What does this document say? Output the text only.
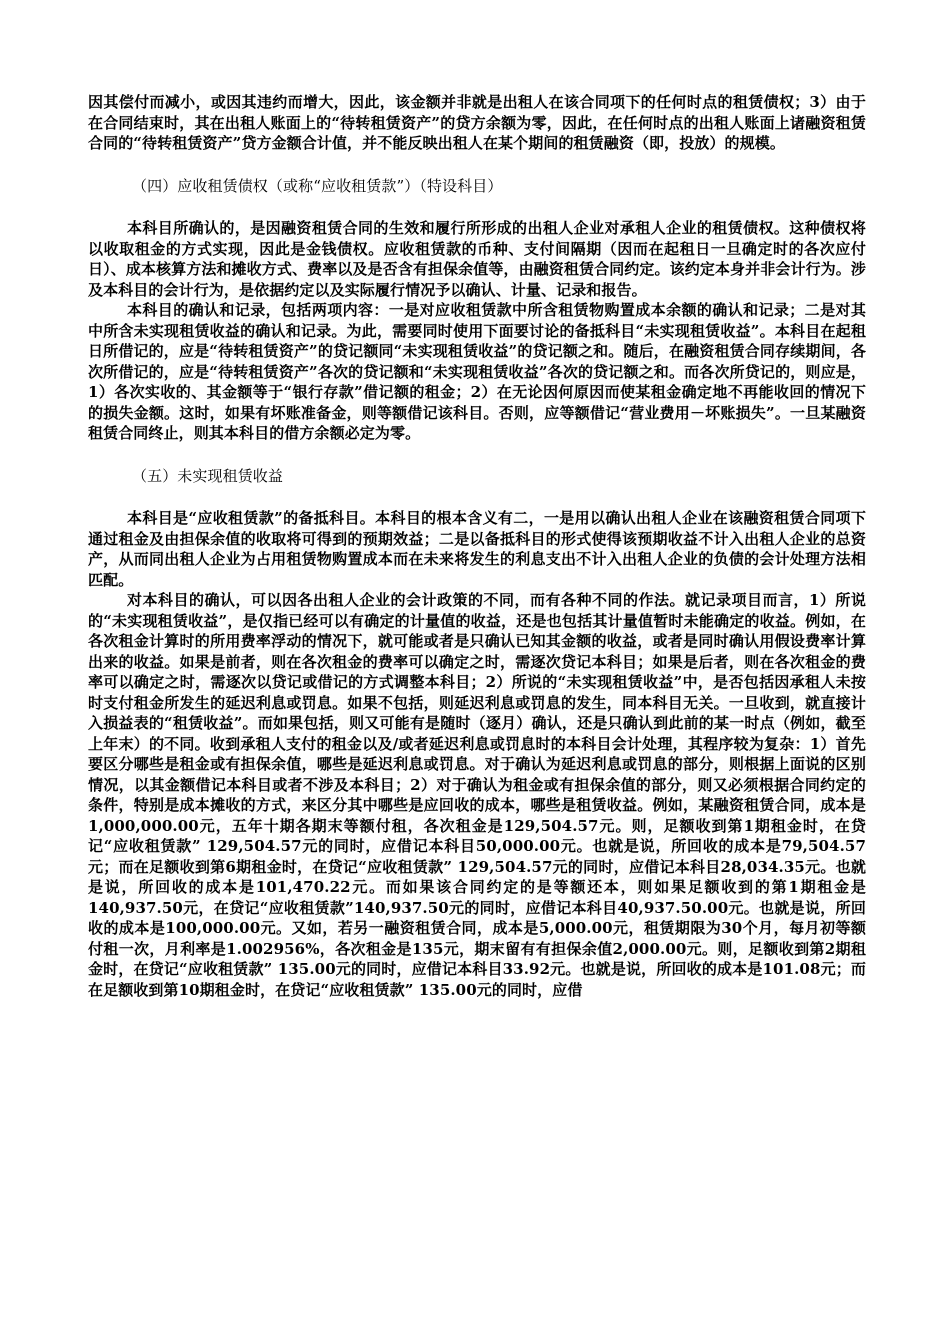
因其偿付而减小，或因其违约而增大，因此，该金额并非就是出租人在该合同项下的任何时点的租赁债权；3）由于在合同结束时，其在出租人账面上的“待转租赁资产”的贷方余额为零，因此，在任何时点的出租人账面上诸融资租赁合同的“待转租赁资产”贷方金额合计值，并不能反映出租人在某个期间的租赁融资（即，投放）的规模。

（四）应收租赁债权（或称“应收租赁款”）（特设科目）

本科目所确认的，是因融资租赁合同的生效和履行所形成的出租人企业对承租人企业的租赁债权。这种债权将以收取租金的方式实现，因此是金钱债权。应收租赁款的币种、支付间隔期（因而在起租日一旦确定时的各次应付日）、成本核算方法和摊收方式、费率以及是否含有担保余值等，由融资租赁合同约定。该约定本身并非会计行为。涉及本科目的会计行为，是依据约定以及实际履行情况予以确认、计量、记录和报告。

本科目的确认和记录，包括两项内容：一是对应收租赁款中所含租赁物购置成本余额的确认和记录；二是对其中所含未实现租赁收益的确认和记录。为此，需要同时使用下面要讨论的备抵科目“未实现租赁收益”。本科目在起租日所借记的，应是“待转租赁资产”的贷记额同“未实现租赁收益”的贷记额之和。随后，在融资租赁合同存续期间，各次所借记的，应是“待转租赁资产”各次的贷记额和“未实现租赁收益”各次的贷记额之和。而各次所贷记的，则应是，1）各次实收的、其金额等于“银行存款”借记额的租金；2）在无论因何原因而使某租金确定地不再能收回的情况下的损失金额。这时，如果有坏账准备金，则等额借记该科目。否则，应等额借记“营业费用－坏账损失”。一旦某融资租赁合同终止，则其本科目的借方余额必定为零。

（五）未实现租赁收益

本科目是“应收租赁款”的备抵科目。本科目的根本含义有二，一是用以确认出租人企业在该融资租赁合同项下通过租金及由担保余值的收取将可得到的预期效益；二是以备抵科目的形式使得该预期收益不计入出租人企业的总资产，从而同出租人企业为占用租赁物购置成本而在未来将发生的利息支出不计入出租人企业的负债的会计处理方法相匹配。

对本科目的确认，可以因各出租人企业的会计政策的不同，而有各种不同的作法。就记录项目而言，1）所说的“未实现租赁收益”，是仅指已经可以有确定的计量值的收益，还是也包括其计量值暂时未能确定的收益。例如，在各次租金计算时的所用费率浮动的情况下，就可能或者是只确认已知其金额的收益，或者是同时确认用假设费率计算出来的收益。如果是前者，则在各次租金的费率可以确定之时，需逐次贷记本科目；如果是后者，则在各次租金的费率可以确定之时，需逐次以贷记或借记的方式调整本科目；2）所说的“未实现租赁收益”中，是否包括因承租人未按时支付租金所发生的延迟利息或罚息。如果不包括，则延迟利息或罚息的发生，同本科目无关。一旦收到，就直接计入损益表的“租赁收益”。而如果包括，则又可能有是随时（逐月）确认，还是只确认到此前的某一时点（例如，截至上年末）的不同。收到承租人支付的租金以及/或者延迟利息或罚息时的本科目会计处理，其程序较为复杂：1）首先要区分哪些是租金或有担保余值，哪些是延迟利息或罚息。对于确认为延迟利息或罚息的部分，则根据上面说的区别情况，以其金额借记本科目或者不涉及本科目；2）对于确认为租金或有担保余值的部分，则又必须根据合同约定的条件，特别是成本摊收的方式，来区分其中哪些是应回收的成本，哪些是租赁收益。例如，某融资租赁合同，成本是1,000,000.00元，五年十期各期末等额付租，各次租金是129,504.57元。则，足额收到第1期租金时，在贷记“应收租赁款” 129,504.57元的同时，应借记本科目50,000.00元。也就是说，所回收的成本是79,504.57元；而在足额收到第6期租金时，在贷记“应收租赁款” 129,504.57元的同时，应借记本科目28,034.35元。也就是说，所回收的成本是101,470.22元。而如果该合同约定的是等额还本，则如果足额收到的第1期租金是140,937.50元，在贷记“应收租赁款”140,937.50元的同时，应借记本科目40,937.50.00元。也就是说，所回收的成本是100,000.00元。又如，若另一融资租赁合同，成本是5,000.00元，租赁期限为30个月，每月初等额付租一次，月利率是1.002956%，各次租金是135元，期末留有有担保余值2,000.00元。则，足额收到第2期租金时，在贷记“应收租赁款” 135.00元的同时，应借记本科目33.92元。也就是说，所回收的成本是101.08元；而在足额收到第10期租金时，在贷记“应收租赁款” 135.00元的同时，应借
